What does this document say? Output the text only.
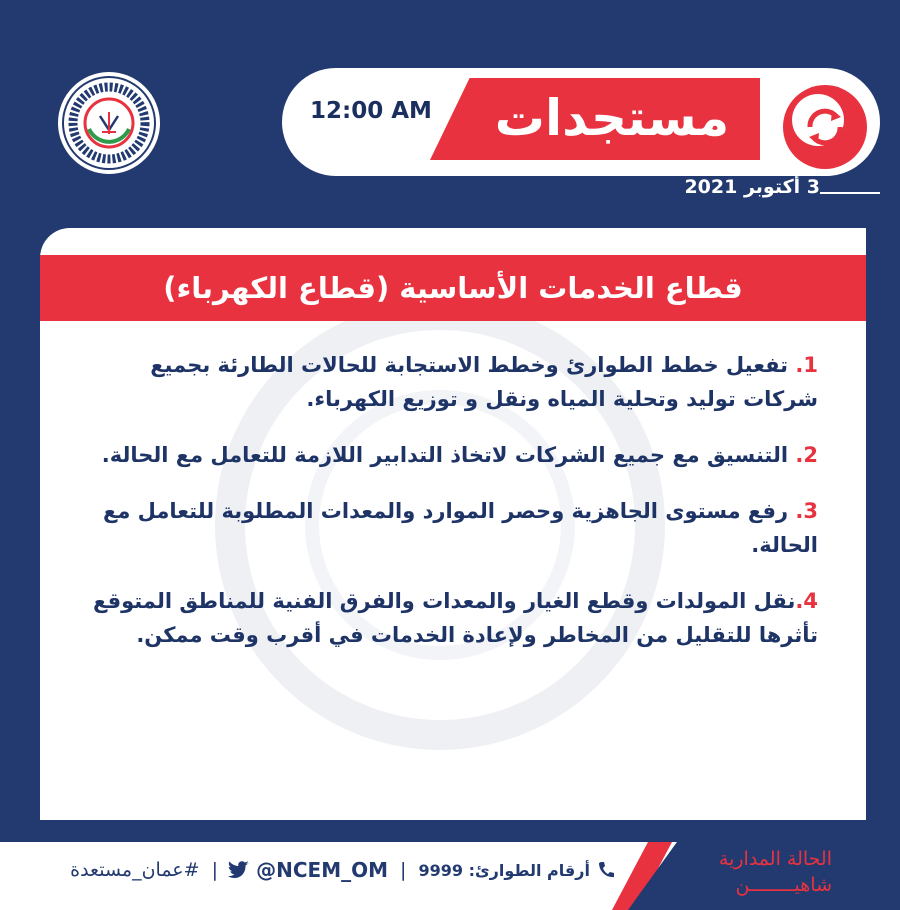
12:00 AM	مستجدات
3 أكتوبر 2021
قطاع الخدمات الأساسية (قطاع الكهرباء)
1. تفعيل خطط الطوارئ وخطط الاستجابة للحالات الطارئة بجميع شركات توليد وتحلية المياه ونقل و توزيع الكهرباء.
2. التنسيق مع جميع الشركات لاتخاذ التدابير اللازمة للتعامل مع الحالة.
3. رفع مستوى الجاهزية وحصر الموارد والمعدات المطلوبة للتعامل مع الحالة.
4.نقل المولدات وقطع الغيار والمعدات والفرق الفنية للمناطق المتوقع تأثرها للتقليل من المخاطر ولإعادة الخدمات في أقرب وقت ممكن.
الحالة المدارية
شاهيــــــــن
أرقام الطوارئ: 9999 | @NCEM_OM  | #عمان_مستعدة
